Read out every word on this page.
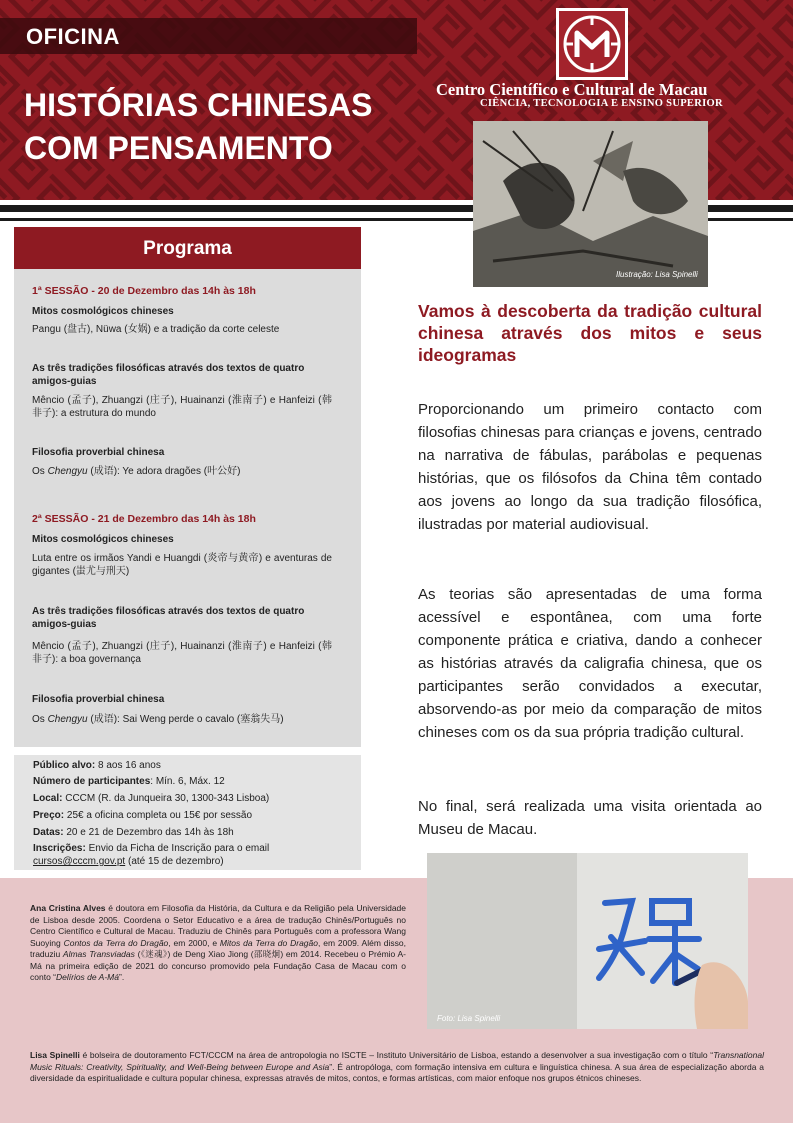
OFICINA
HISTÓRIAS CHINESAS
COM PENSAMENTO
Centro Científico e Cultural de Macau
CIÊNCIA, TECNOLOGIA E ENSINO SUPERIOR
Ilustração: Lisa Spinelli
Programa
1ª SESSÃO - 20 de Dezembro das 14h às 18h
Mitos cosmológicos chineses
Pangu (盘古), Nüwa (女娲) e a tradição da corte celeste
As três tradições filosóficas através dos textos de quatro amigos-guias
Mêncio (孟子), Zhuangzi (庄子), Huainanzi (淮南子) e Hanfeizi (韩非子): a estrutura do mundo
Filosofia proverbial chinesa
Os Chengyu (成语): Ye adora dragões (叶公好)
2ª SESSÃO - 21 de Dezembro das 14h às 18h
Mitos cosmológicos chineses
Luta entre os irmãos Yandi e Huangdi (炎帝与黄帝) e aventuras de gigantes (蚩尤与刑天)
As três tradições filosóficas através dos textos de quatro amigos-guias
Mêncio (孟子), Zhuangzi (庄子), Huainanzi (淮南子) e Hanfeizi (韩非子): a boa governança
Filosofia proverbial chinesa
Os Chengyu (成语): Sai Weng perde o cavalo (塞翁失马)
Público alvo: 8 aos 16 anos
Número de participantes: Mín. 6, Máx. 12
Local: CCCM (R. da Junqueira 30, 1300-343 Lisboa)
Preço: 25€ a oficina completa ou 15€ por sessão
Datas: 20 e 21 de Dezembro das 14h às 18h
Inscrições: Envio da Ficha de Inscrição para o email
cursos@cccm.gov.pt (até 15 de dezembro)
Vamos à descoberta da tradição cultural chinesa através dos mitos e seus ideogramas
Proporcionando um primeiro contacto com filosofias chinesas para crianças e jovens, centrado na narrativa de fábulas, parábolas e pequenas histórias, que os filósofos da China têm contado aos jovens ao longo da sua tradição filosófica, ilustradas por material audiovisual.
As teorias são apresentadas de uma forma acessível e espontânea, com uma forte componente prática e criativa, dando a conhecer as histórias através da caligrafia chinesa, que os participantes serão convidados a executar, absorvendo-as por meio da comparação de mitos chineses com os da sua própria tradição cultural.
No final, será realizada uma visita orientada ao Museu de Macau.
Foto: Lisa Spinelli
Ana Cristina Alves é doutora em Filosofia da História, da Cultura e da Religião pela Universidade de Lisboa desde 2005. Coordena o Setor Educativo e a área de tradução Chinês/Português no Centro Científico e Cultural de Macau. Traduziu de Chinês para Português com a professora Wang Suoying Contos da Terra do Dragão, em 2000, e Mitos da Terra do Dragão, em 2009. Além disso, traduziu Almas Transviadas (《迷魂》) de Deng Xiao Jiong (邵晓炯) em 2014. Recebeu o Prémio A-Má na primeira edição de 2021 do concurso promovido pela Fundação Casa de Macau com o conto “Delírios de A-Má”.
Lisa Spinelli é bolseira de doutoramento FCT/CCCM na área de antropologia no ISCTE – Instituto Universitário de Lisboa, estando a desenvolver a sua investigação com o título “Transnational Music Rituals: Creativity, Spirituality, and Well-Being between Europe and Asia”. É antropóloga, com formação intensiva em cultura e linguística chinesa. A sua área de especialização aborda a diversidade da espiritualidade e cultura popular chinesa, expressas através de mitos, contos, e formas artísticas, com maior enfoque nos grupos étnicos chineses.
